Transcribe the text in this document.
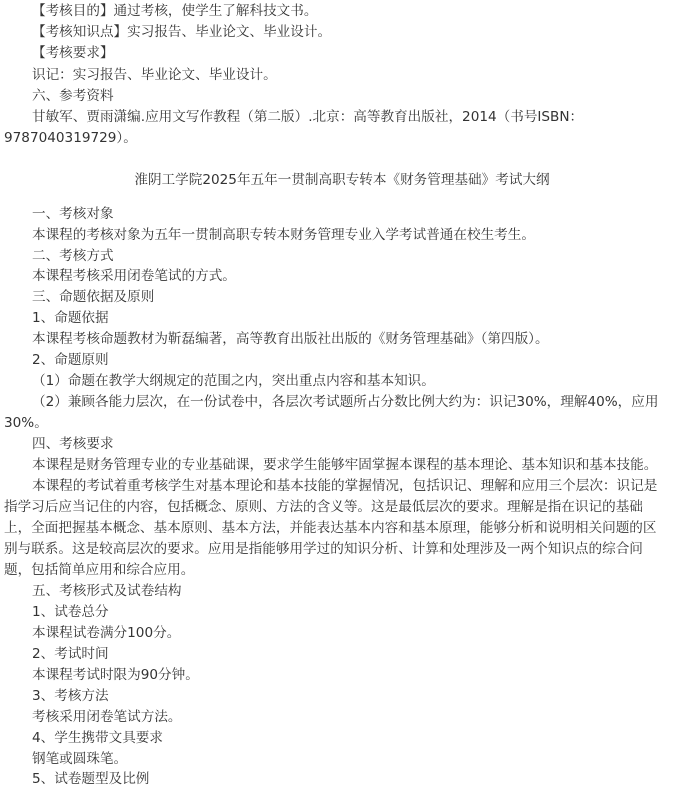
【考核目的】通过考核，使学生了解科技文书。
【考核知识点】实习报告、毕业论文、毕业设计。
【考核要求】
识记：实习报告、毕业论文、毕业设计。
六、参考资料
甘敏军、贾雨潇编.应用文写作教程（第二版）.北京：高等教育出版社，2014（书号ISBN：
9787040319729）。
淮阴工学院2025年五年一贯制高职专转本《财务管理基础》考试大纲
一、考核对象
本课程的考核对象为五年一贯制高职专转本财务管理专业入学考试普通在校生考生。
二、考核方式
本课程考核采用闭卷笔试的方式。
三、命题依据及原则
1、命题依据
本课程考核命题教材为靳磊编著，高等教育出版社出版的《财务管理基础》（第四版）。
2、命题原则
（1）命题在教学大纲规定的范围之内，突出重点内容和基本知识。
（2）兼顾各能力层次，在一份试卷中，各层次考试题所占分数比例大约为：识记30%，理解40%，应用
30%。
四、考核要求
本课程是财务管理专业的专业基础课，要求学生能够牢固掌握本课程的基本理论、基本知识和基本技能。
本课程的考试着重考核学生对基本理论和基本技能的掌握情况，包括识记、理解和应用三个层次：识记是
指学习后应当记住的内容，包括概念、原则、方法的含义等。这是最低层次的要求。理解是指在识记的基础
上，全面把握基本概念、基本原则、基本方法，并能表达基本内容和基本原理，能够分析和说明相关问题的区
别与联系。这是较高层次的要求。应用是指能够用学过的知识分析、计算和处理涉及一两个知识点的综合问
题，包括简单应用和综合应用。
五、考核形式及试卷结构
1、试卷总分
本课程试卷满分100分。
2、考试时间
本课程考试时限为90分钟。
3、考核方法
考核采用闭卷笔试方法。
4、学生携带文具要求
钢笔或圆珠笔。
5、试卷题型及比例
